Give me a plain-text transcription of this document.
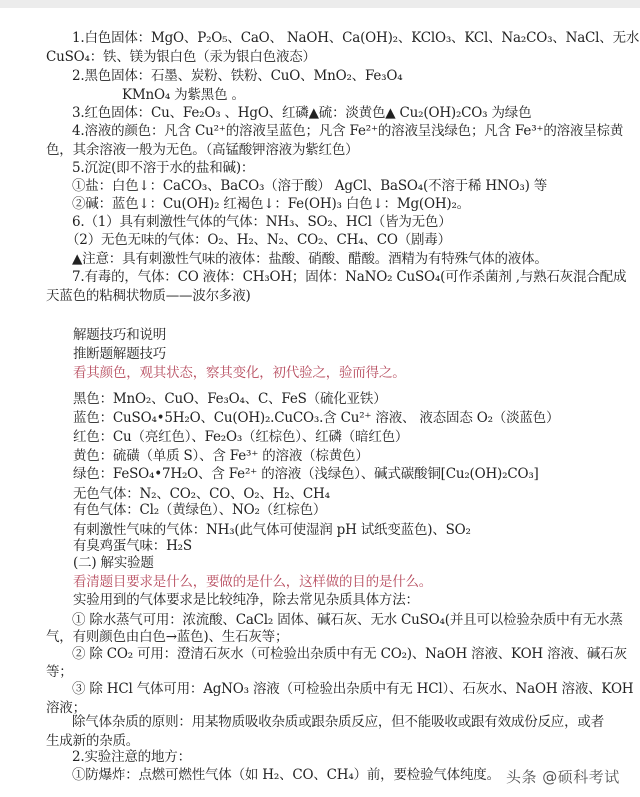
1.白色固体：MgO、P₂O₅、CaO、 NaOH、Ca(OH)₂、KClO₃、KCl、Na₂CO₃、NaCl、无水
CuSO₄：铁、镁为银白色（汞为银白色液态）
2.黑色固体：石墨、炭粉、铁粉、CuO、MnO₂、Fe₃O₄
KMnO₄ 为紫黑色 。
3.红色固体：Cu、Fe₂O₃ 、HgO、红磷▲硫：淡黄色▲ Cu₂(OH)₂CO₃ 为绿色
4.溶液的颜色：凡含 Cu²⁺的溶液呈蓝色；凡含 Fe²⁺的溶液呈浅绿色；凡含 Fe³⁺的溶液呈棕黄
色，其余溶液一般为无色。（高锰酸钾溶液为紫红色）
5.沉淀(即不溶于水的盐和碱)：
①盐：白色↓：CaCO₃、BaCO₃（溶于酸） AgCl、BaSO₄(不溶于稀 HNO₃) 等
②碱：蓝色↓：Cu(OH)₂ 红褐色↓：Fe(OH)₃ 白色↓：Mg(OH)₂。
6.（1）具有刺激性气体的气体：NH₃、SO₂、HCl（皆为无色）
（2）无色无味的气体：O₂、H₂、N₂、CO₂、CH₄、CO（剧毒）
▲注意：具有刺激性气味的液体：盐酸、硝酸、醋酸。酒精为有特殊气体的液体。
7.有毒的，气体：CO 液体：CH₃OH；固体：NaNO₂ CuSO₄(可作杀菌剂 ,与熟石灰混合配成
天蓝色的粘稠状物质——波尔多液)
解题技巧和说明
推断题解题技巧
看其颜色，观其状态，察其变化，初代验之，验而得之。
黑色：MnO₂、CuO、Fe₃O₄、C、FeS（硫化亚铁）
蓝色：CuSO₄•5H₂O、Cu(OH)₂.CuCO₃.含 Cu²⁺ 溶液、 液态固态 O₂（淡蓝色）
红色：Cu（亮红色）、Fe₂O₃（红棕色）、红磷（暗红色）
黄色：硫磺（单质 S）、含 Fe³⁺ 的溶液（棕黄色）
绿色：FeSO₄•7H₂O、含 Fe²⁺ 的溶液（浅绿色）、碱式碳酸铜[Cu₂(OH)₂CO₃]
无色气体：N₂、CO₂、CO、O₂、H₂、CH₄
有色气体：Cl₂（黄绿色）、NO₂（红棕色）
有刺激性气味的气体：NH₃(此气体可使湿润 pH 试纸变蓝色)、SO₂
有臭鸡蛋气味：H₂S
(二) 解实验题
看清题目要求是什么，要做的是什么，这样做的目的是什么。
实验用到的气体要求是比较纯净，除去常见杂质具体方法：
① 除水蒸气可用：浓流酸、CaCl₂ 固体、碱石灰、无水 CuSO₄(并且可以检验杂质中有无水蒸
气，有则颜色由白色→蓝色)、生石灰等；
② 除 CO₂ 可用：澄清石灰水（可检验出杂质中有无 CO₂)、NaOH 溶液、KOH 溶液、碱石灰
等；
③ 除 HCl 气体可用：AgNO₃ 溶液（可检验出杂质中有无 HCl）、石灰水、NaOH 溶液、KOH
溶液；
除气体杂质的原则：用某物质吸收杂质或跟杂质反应，但不能吸收或跟有效成份反应，或者
生成新的杂质。
2.实验注意的地方：
①防爆炸：点燃可燃性气体（如 H₂、CO、CH₄）前，要检验气体纯度。 头条 @硕科考试
